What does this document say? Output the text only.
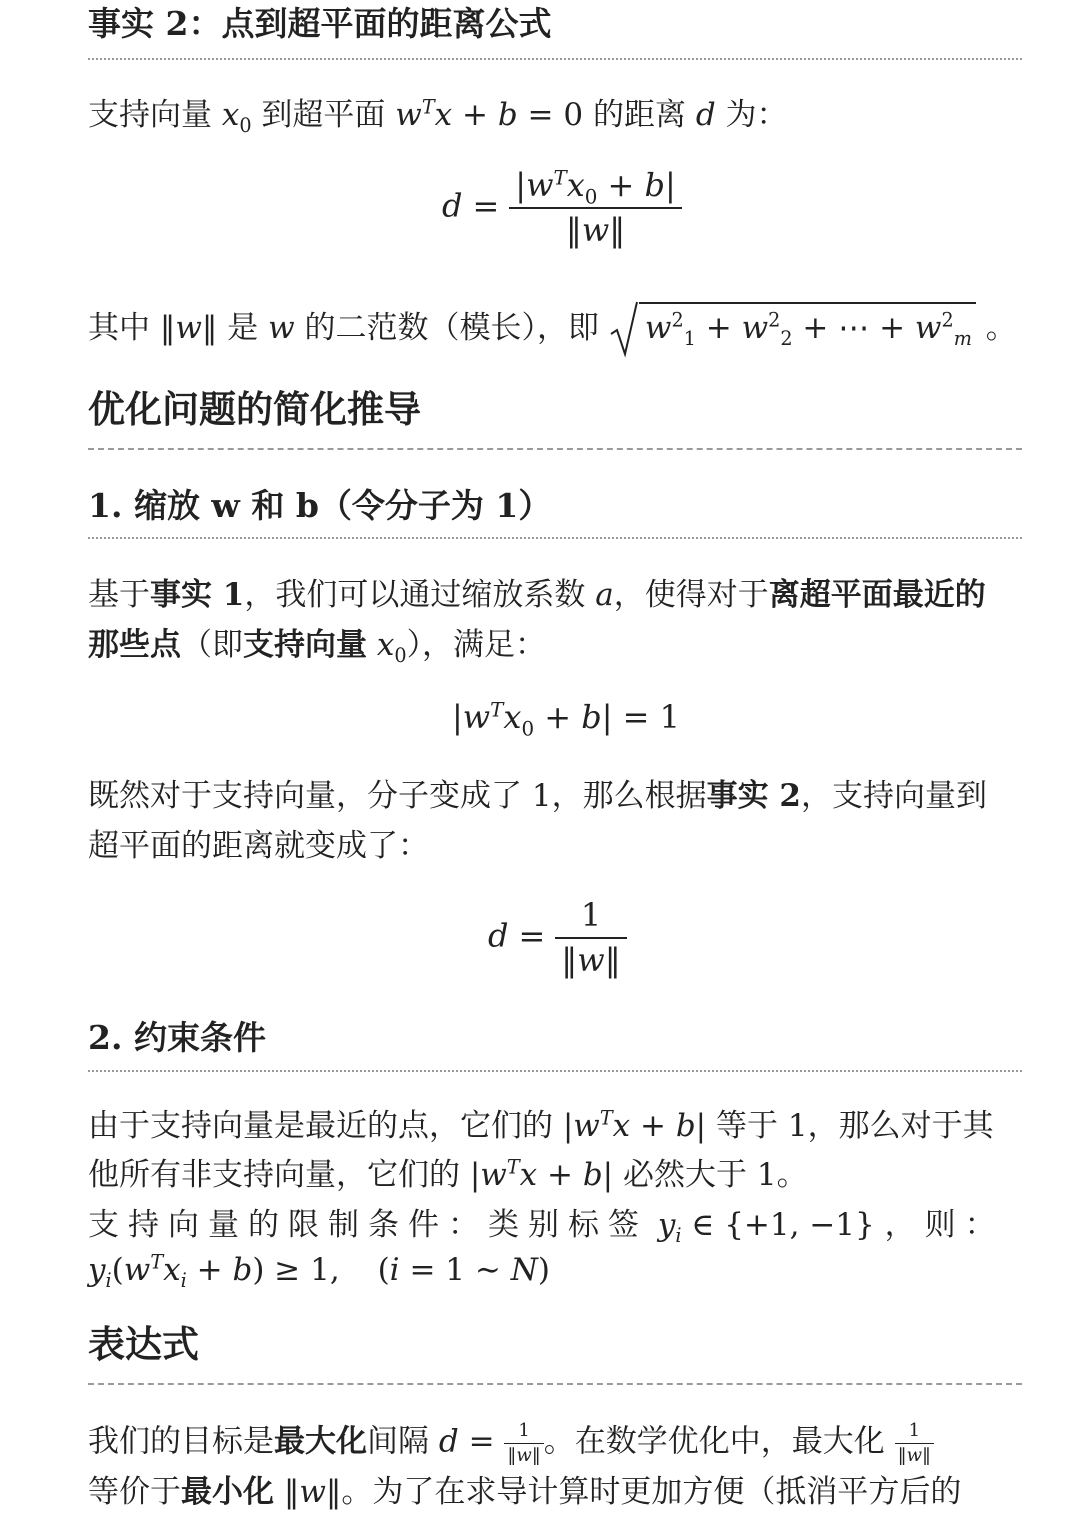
事实 2：点到超平面的距离公式
支持向量 $x_0$ 到超平面 $w^Tx + b = 0$ 的距离 d 为：
$d = \frac{|w^Tx_0 + b|}{‖w‖}$
其中 ‖w‖ 是 w 的二范数（模长），即 $w^2_1 + w^2_2$ + ⋯ + $w^2_m$ 。
优化问题的简化推导
1. 缩放 w 和 b（令分子为 1）
基于事实 1，我们可以通过缩放系数 a，使得对于离超平面最近的
那些点（即支持向量 $x_0$），满足：
$|w^Tx_0 + b| = 1$
既然对于支持向量，分子变成了 1，那么根据事实 2，支持向量到
超平面的距离就变成了：
$d = \frac{1}{‖w‖}$
2. 约束条件
由于支持向量是最近的点，它们的 $|w^Tx + b|$ 等于 1，那么对于其
他所有非支持向量，它们的 $|w^Tx + b|$ 必然大于 1。
支持向量的限制条件：类别标签 $y_i$ ∈ {+1, −1} ，则：
$y_i(w^Tx_i + b) \ge 1$, (i = 1 ∼ N)
表达式
我们的目标是最大化间隔 $d = \frac{1}{‖w‖}$ 。在数学优化中，最大化 $\frac{1}{‖w‖}$
等价于最小化 ‖w‖。为了在求导计算时更加方便（抵消平方后的
